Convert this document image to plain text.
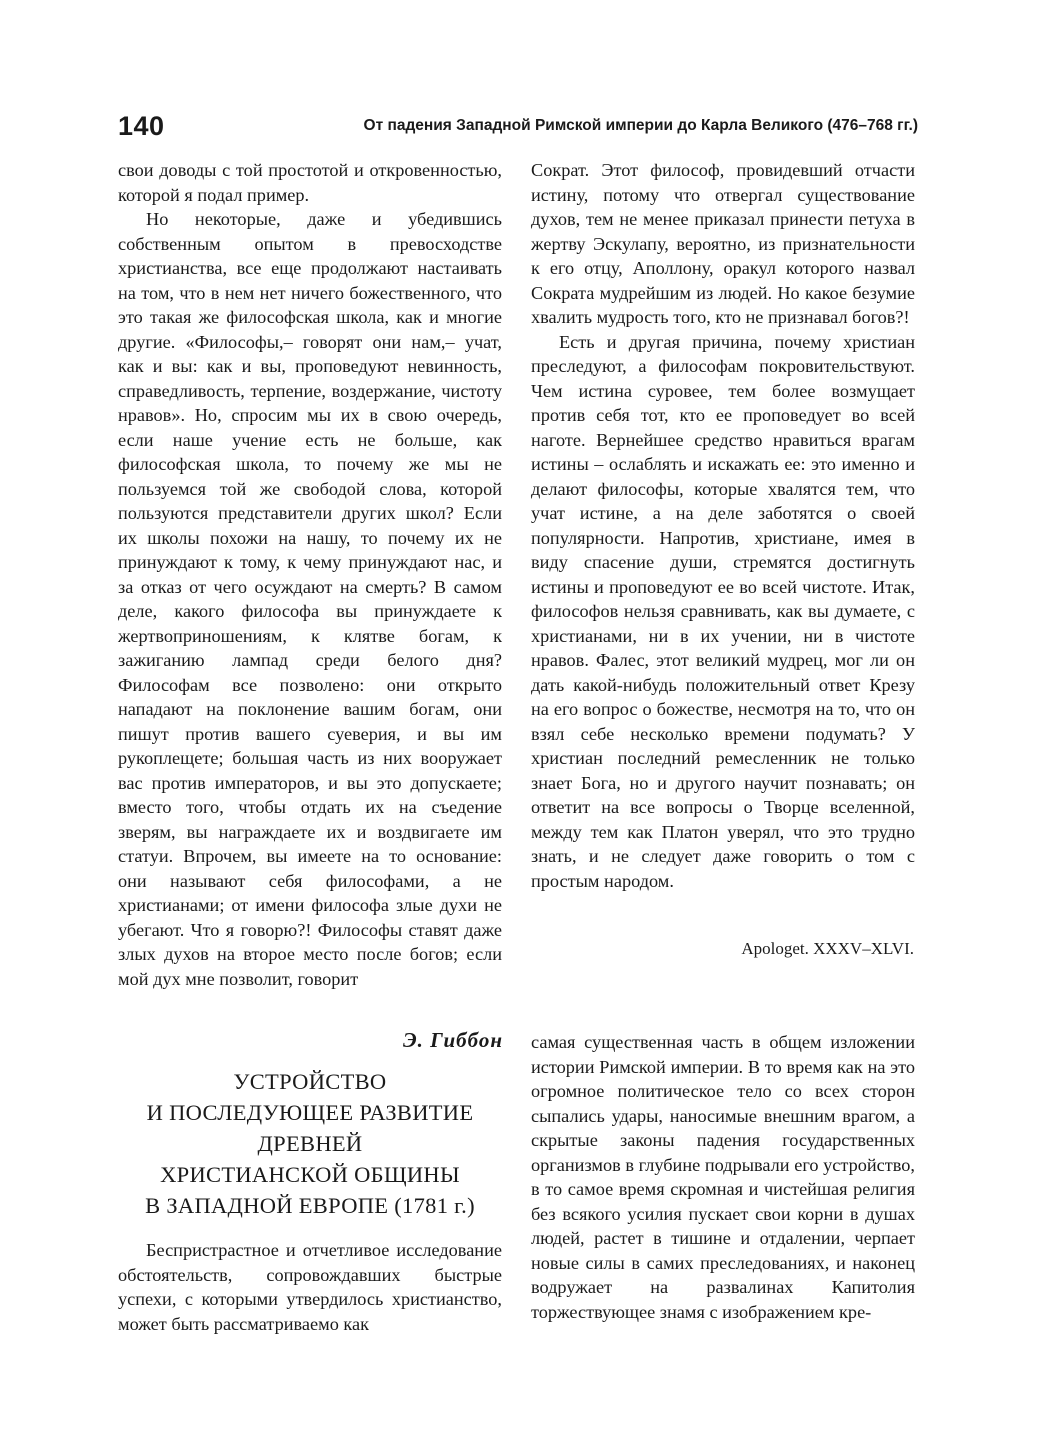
140	От падения Западной Римской империи до Карла Великого (476–768 гг.)

свои доводы с той простотой и откровенностью, которой я подал пример.

Но некоторые, даже и убедившись собственным опытом в превосходстве христианства, все еще продолжают настаивать на том, что в нем нет ничего божественного, что это такая же философская школа, как и многие другие. «Философы,– говорят они нам,– учат, как и вы: как и вы, проповедуют невинность, справедливость, терпение, воздержание, чистоту нравов». Но, спросим мы их в свою очередь, если наше учение есть не больше, как философская школа, то почему же мы не пользуемся той же свободой слова, которой пользуются представители других школ? Если их школы похожи на нашу, то почему их не принуждают к тому, к чему принуждают нас, и за отказ от чего осуждают на смерть? В самом деле, какого философа вы принуждаете к жертвоприношениям, к клятве богам, к зажиганию лампад среди белого дня? Философам все позволено: они открыто нападают на поклонение вашим богам, они пишут против вашего суеверия, и вы им рукоплещете; большая часть из них вооружает вас против императоров, и вы это допускаете; вместо того, чтобы отдать их на съедение зверям, вы награждаете их и воздвигаете им статуи. Впрочем, вы имеете на то основание: они называют себя философами, а не христианами; от имени философа злые духи не убегают. Что я говорю?! Философы ставят даже злых духов на второе место после богов; если мой дух мне позволит, говорит

Сократ. Этот философ, провидевший отчасти истину, потому что отвергал существование духов, тем не менее приказал принести петуха в жертву Эскулапу, вероятно, из признательности к его отцу, Аполлону, оракул которого назвал Сократа мудрейшим из людей. Но какое безумие хвалить мудрость того, кто не признавал богов?!

Есть и другая причина, почему христиан преследуют, а философам покровительствуют. Чем истина суровее, тем более возмущает против себя тот, кто ее проповедует во всей наготе. Вернейшее средство нравиться врагам истины – ослаблять и искажать ее: это именно и делают философы, которые хвалятся тем, что учат истине, а на деле заботятся о своей популярности. Напротив, христиане, имея в виду спасение души, стремятся достигнуть истины и проповедуют ее во всей чистоте. Итак, философов нельзя сравнивать, как вы думаете, с христианами, ни в их учении, ни в чистоте нравов. Фалес, этот великий мудрец, мог ли он дать какой-нибудь положительный ответ Крезу на его вопрос о божестве, несмотря на то, что он взял себе несколько времени подумать? У христиан последний ремесленник не только знает Бога, но и другого научит познавать; он ответит на все вопросы о Творце вселенной, между тем как Платон уверял, что это трудно знать, и не следует даже говорить о том с простым народом.

Apologet. XXXV–XLVI.
Э. Гиббон
УСТРОЙСТВО
И ПОСЛЕДУЮЩЕЕ РАЗВИТИЕ
ДРЕВНЕЙ
ХРИСТИАНСКОЙ ОБЩИНЫ
В ЗАПАДНОЙ ЕВРОПЕ (1781 г.)

Беспристрастное и отчетливое исследование обстоятельств, сопровождавших быстрые успехи, с которыми утвердилось христианство, может быть рассматриваемо как

самая существенная часть в общем изложении истории Римской империи. В то время как на это огромное политическое тело со всех сторон сыпались удары, наносимые внешним врагом, а скрытые законы падения государственных организмов в глубине подрывали его устройство, в то самое время скромная и чистейшая религия без всякого усилия пускает свои корни в душах людей, растет в тишине и отдалении, черпает новые силы в самих преследованиях, и наконец водружает на развалинах Капитолия торжествующее знамя с изображением кре-
